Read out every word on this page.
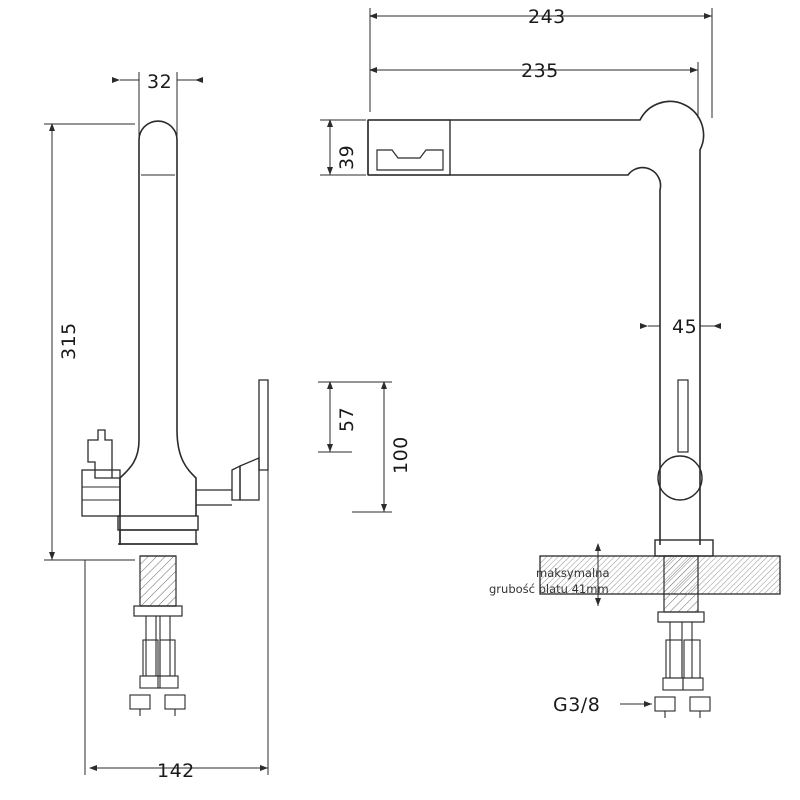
243
235
39
45
32
315
57
100
142
G3/8
maksymalna
grubość blatu 41mm
